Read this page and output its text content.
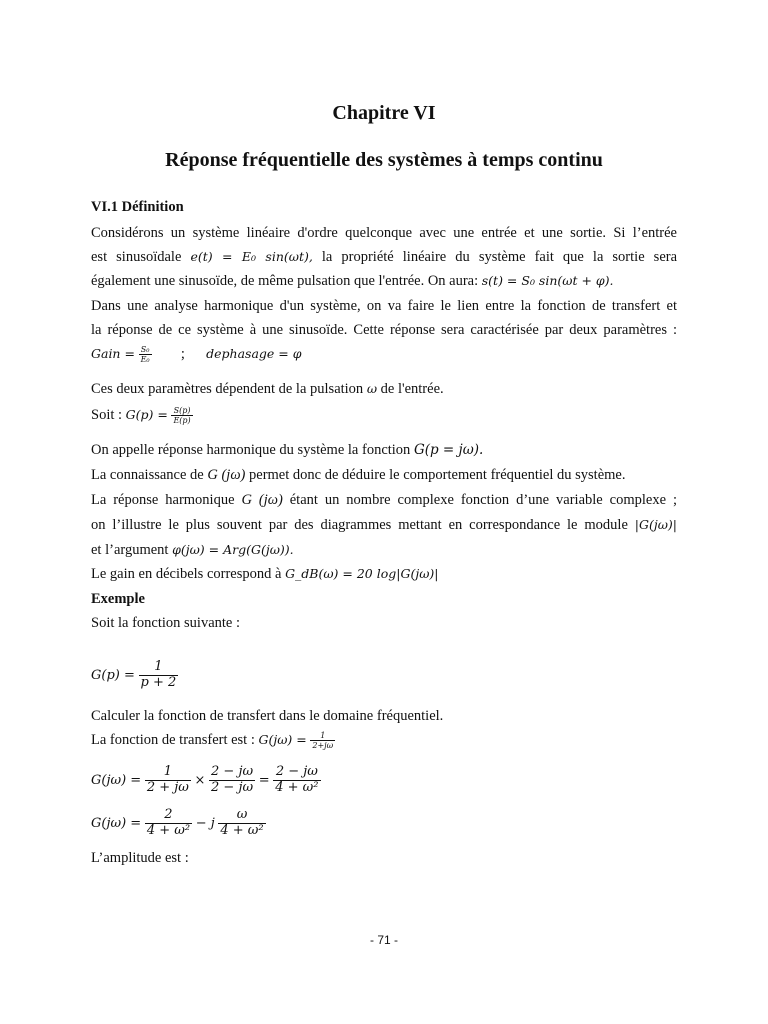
Chapitre VI
Réponse fréquentielle des systèmes à temps continu
VI.1 Définition
Considérons un système linéaire d'ordre quelconque avec une entrée et une sortie. Si l’entrée
est sinusoïdale e(t) = E₀ sin(ωt), la propriété linéaire du système fait que la sortie sera
également une sinusoïde, de même pulsation que l'entrée. On aura: s(t) = S₀ sin(ωt + φ).
Dans une analyse harmonique d'un système, on va faire le lien entre la fonction de transfert et
la réponse de ce système à une sinusoïde. Cette réponse sera caractérisée par deux paramètres :
Gain = $\frac{\text{S₀}}{\text{E₀}}$ ; dephasage = φ
Ces deux paramètres dépendent de la pulsation ω de l'entrée.
Soit : $G(p) = \frac{S(p)}{E(p)}$
On appelle réponse harmonique du système la fonction G(p = jω).
La connaissance de G (jω) permet donc de déduire le comportement fréquentiel du système.
La réponse harmonique G (jω) étant un nombre complexe fonction d’une variable complexe ;
on l’illustre le plus souvent par des diagrammes mettant en correspondance le module |G(jω)|
et l’argument φ(jω) = Arg(G(jω)).
Le gain en décibels correspond à G_dB(ω) = 20 log|G(jω)|
Exemple
Soit la fonction suivante :
$G(p) = \frac{1}{p + 2}$
Calculer la fonction de transfert dans le domaine fréquentiel.
La fonction de transfert est : $G(j\omega) = \frac{1}{2+j\omega}$
$G(j\omega) = \frac{1}{2 + j\omega} \times \frac{2 - j\omega}{2 - j\omega} = \frac{2 - j\omega}{\text{4 + ω²}}$
$G(j\omega) = \frac{2}{\text{4 + ω²}} - j \frac{\omega}{\text{4 + ω²}}$
L’amplitude est :
- 71 -
